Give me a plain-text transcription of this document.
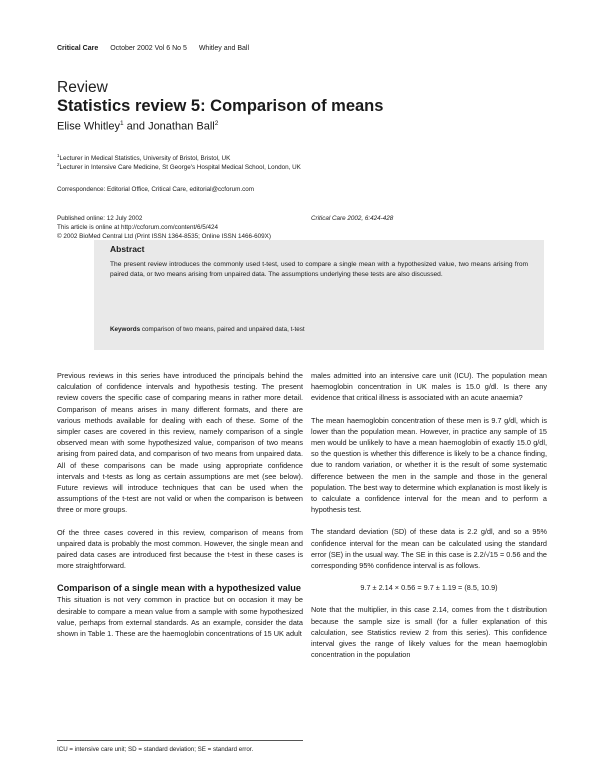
Critical Care October 2002 Vol 6 No 5 Whitley and Ball
Review
Statistics review 5: Comparison of means
Elise Whitley$^1$ and Jonathan Ball$^2$
$^1$Lecturer in Medical Statistics, University of Bristol, Bristol, UK
$^2$Lecturer in Intensive Care Medicine, St George's Hospital Medical School, London, UK
Correspondence: Editorial Office, Critical Care, editorial@ccforum.com
Published online: 12 July 2002	Critical Care 2002, 6:424-428
This article is online at http://ccforum.com/content/6/5/424
© 2002 BioMed Central Ltd (Print ISSN 1364-8535; Online ISSN 1466-609X)
Abstract
The present review introduces the commonly used t-test, used to compare a single mean with a hypothesized value, two means arising from paired data, or two means arising from unpaired data. The assumptions underlying these tests are also discussed.
Keywords comparison of two means, paired and unpaired data, t-test

Previous reviews in this series have introduced the principals behind the calculation of confidence intervals and hypothesis testing. The present review covers the specific case of comparing means in rather more detail. Comparison of means arises in many different formats, and there are various methods available for dealing with each of these. Some of the simpler cases are covered in this review, namely comparison of a single observed mean with some hypothesized value, comparison of two means arising from paired data, and comparison of two means from unpaired data. All of these comparisons can be made using appropriate confidence intervals and t-tests as long as certain assumptions are met (see below). Future reviews will introduce techniques that can be used when the assumptions of the t-test are not valid or when the comparison is between three or more groups.

Of the three cases covered in this review, comparison of means from unpaired data is probably the most common. However, the single mean and paired data cases are introduced first because the t-test in these cases is more straightforward.

Comparison of a single mean with a hypothesized value

This situation is not very common in practice but on occasion it may be desirable to compare a mean value from a sample with some hypothesized value, perhaps from external standards. As an example, consider the data shown in Table 1. These are the haemoglobin concentrations of 15 UK adult

males admitted into an intensive care unit (ICU). The population mean haemoglobin concentration in UK males is 15.0 g/dl. Is there any evidence that critical illness is associated with an acute anaemia?

The mean haemoglobin concentration of these men is 9.7 g/dl, which is lower than the population mean. However, in practice any sample of 15 men would be unlikely to have a mean haemoglobin of exactly 15.0 g/dl, so the question is whether this difference is likely to be a chance finding, due to random variation, or whether it is the result of some systematic difference between the men in the sample and those in the general population. The best way to determine which explanation is most likely is to calculate a confidence interval for the mean and to perform a hypothesis test.

The standard deviation (SD) of these data is 2.2 g/dl, and so a 95% confidence interval for the mean can be calculated using the standard error (SE) in the usual way. The SE in this case is 2.2/√15 = 0.56 and the corresponding 95% confidence interval is as follows.

9.7 ± 2.14 × 0.56 = 9.7 ± 1.19 = (8.5, 10.9)

Note that the multiplier, in this case 2.14, comes from the t distribution because the sample size is small (for a fuller explanation of this calculation, see Statistics review 2 from this series). This confidence interval gives the range of likely values for the mean haemoglobin concentration in the population

ICU = intensive care unit; SD = standard deviation; SE = standard error.
